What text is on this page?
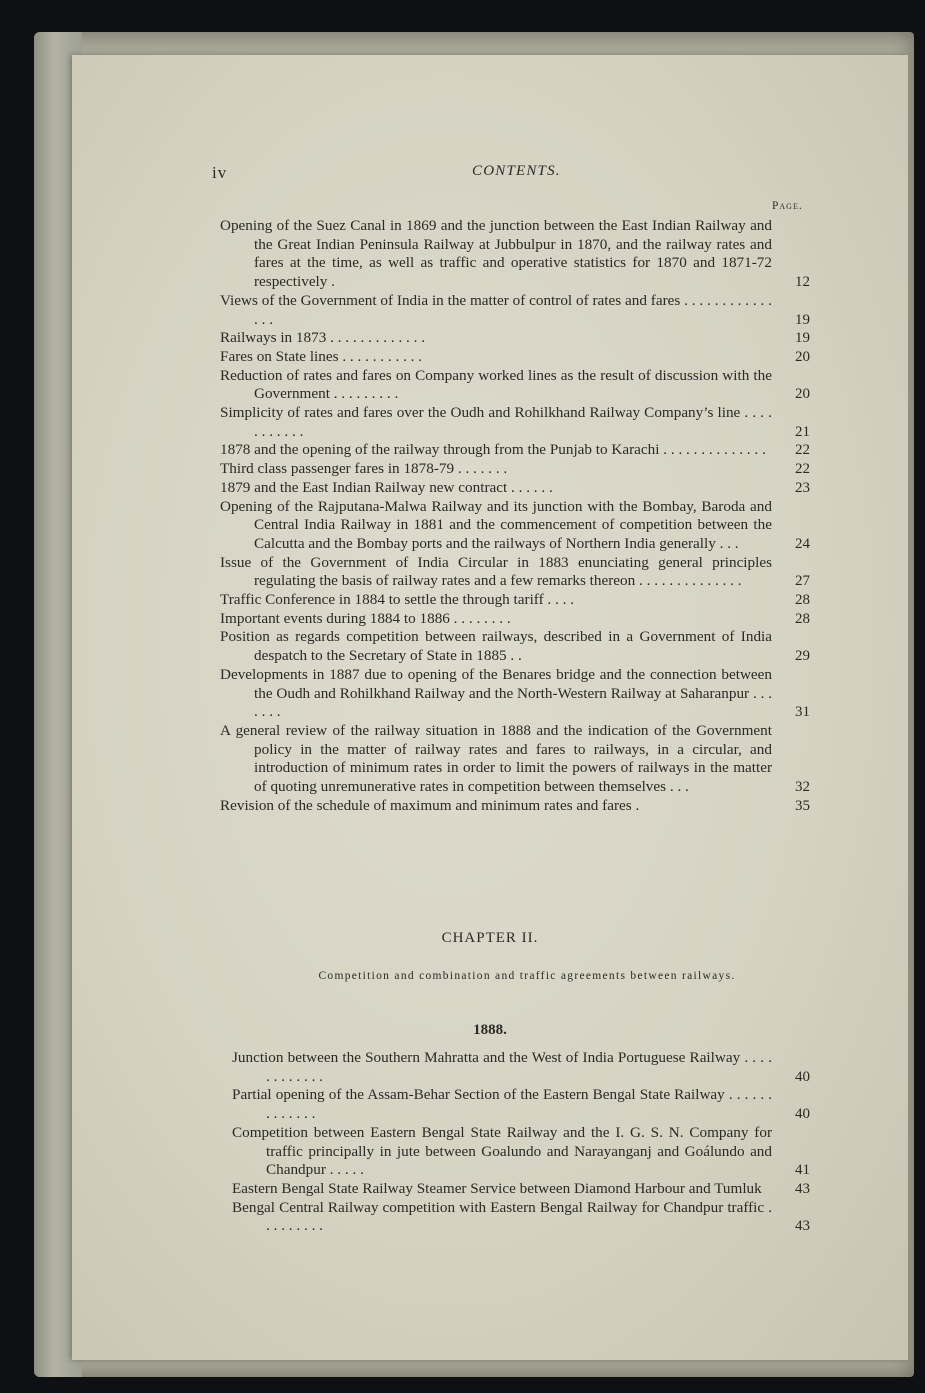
iv	CONTENTS.
Page.
Opening of the Suez Canal in 1869 and the junction between the East Indian Railway and the Great Indian Peninsula Railway at Jubbulpur in 1870, and the railway rates and fares at the time, as well as traffic and operative statistics for 1870 and 1871-72 respectively .	12
Views of the Government of India in the matter of control of rates and fares . . . . . . . . . . . . . . .	19
Railways in 1873 . . . . . . . . . . . . .	19
Fares on State lines . . . . . . . . . . .	20
Reduction of rates and fares on Company worked lines as the result of discussion with the Government . . . . . . . . .	20
Simplicity of rates and fares over the Oudh and Rohilkhand Railway Company’s line . . . . . . . . . . .	21
1878 and the opening of the railway through from the Punjab to Karachi . . . . . . . . . . . . . .	22
Third class passenger fares in 1878-79 . . . . . . .	22
1879 and the East Indian Railway new contract . . . . . .	23
Opening of the Rajputana-Malwa Railway and its junction with the Bombay, Baroda and Central India Railway in 1881 and the commencement of competition between the Calcutta and the Bombay ports and the railways of Northern India generally . . .	24
Issue of the Government of India Circular in 1883 enunciating general principles regulating the basis of railway rates and a few remarks thereon . . . . . . . . . . . . . .	27
Traffic Conference in 1884 to settle the through tariff . . . .	28
Important events during 1884 to 1886 . . . . . . . .	28
Position as regards competition between railways, described in a Government of India despatch to the Secretary of State in 1885 . .	29
Developments in 1887 due to opening of the Benares bridge and the connection between the Oudh and Rohilkhand Railway and the North-Western Railway at Saharanpur . . . . . . .	31
A general review of the railway situation in 1888 and the indication of the Government policy in the matter of railway rates and fares to railways, in a circular, and introduction of minimum rates in order to limit the powers of railways in the matter of quoting unremunerative rates in competition between themselves . . .	32
Revision of the schedule of maximum and minimum rates and fares .	35
CHAPTER II.
Competition and combination and traffic agreements between railways.
1888.
Junction between the Southern Mahratta and the West of India Portuguese Railway . . . . . . . . . . . .	40
Partial opening of the Assam-Behar Section of the Eastern Bengal State Railway . . . . . . . . . . . . .	40
Competition between Eastern Bengal State Railway and the I. G. S. N. Company for traffic principally in jute between Goalundo and Narayanganj and Goálundo and Chandpur . . . . .	41
Eastern Bengal State Railway Steamer Service between Diamond Harbour and Tumluk	43
Bengal Central Railway competition with Eastern Bengal Railway for Chandpur traffic . . . . . . . . .	43
